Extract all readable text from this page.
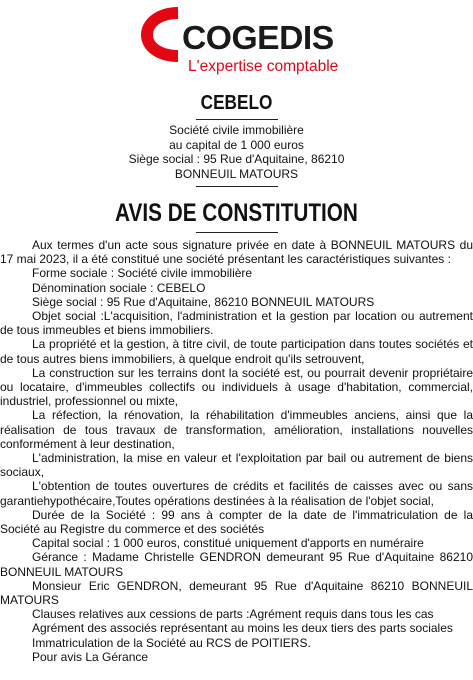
COGEDIS
L'expertise comptable
CEBELO
Société civile immobilière
au capital de 1 000 euros
Siège social : 95 Rue d'Aquitaine, 86210
BONNEUIL MATOURS
AVIS DE CONSTITUTION

Aux termes d'un acte sous signature privée en date à BONNEUIL MATOURS du 17 mai 2023, il a été constitué une société présentant les caractéristiques suivantes :

Forme sociale : Société civile immobilière

Dénomination sociale : CEBELO

Siège social : 95 Rue d'Aquitaine, 86210 BONNEUIL MATOURS

Objet social :L'acquisition, l'administration et la gestion par location ou autrement de tous immeubles et biens immobiliers.

La propriété et la gestion, à titre civil, de toute participation dans toutes sociétés et de tous autres biens immobiliers, à quelque endroit qu'ils setrouvent,

La construction sur les terrains dont la société est, ou pourrait devenir propriétaire ou locataire, d'immeubles collectifs ou individuels à usage d'habitation, commercial, industriel, professionnel ou mixte,

La réfection, la rénovation, la réhabilitation d'immeubles anciens, ainsi que la réalisation de tous travaux de transformation, amélioration, installations nouvelles conformément à leur destination,

L'administration, la mise en valeur et l'exploitation par bail ou autrement de biens sociaux,

L'obtention de toutes ouvertures de crédits et facilités de caisses avec ou sans garantiehypothécaire,Toutes opérations destinées à la réalisation de l'objet social,

Durée de la Société : 99 ans à compter de la date de l'immatriculation de la Société au Registre du commerce et des sociétés

Capital social : 1 000 euros, constitué uniquement d'apports en numéraire

Gérance : Madame Christelle GENDRON demeurant 95 Rue d'Aquitaine 86210 BONNEUIL MATOURS

Monsieur Eric GENDRON, demeurant 95 Rue d'Aquitaine 86210 BONNEUIL MATOURS

Clauses relatives aux cessions de parts :Agrément requis dans tous les cas

Agrément des associés représentant au moins les deux tiers des parts sociales

Immatriculation de la Société au RCS de POITIERS.

Pour avis La Gérance
